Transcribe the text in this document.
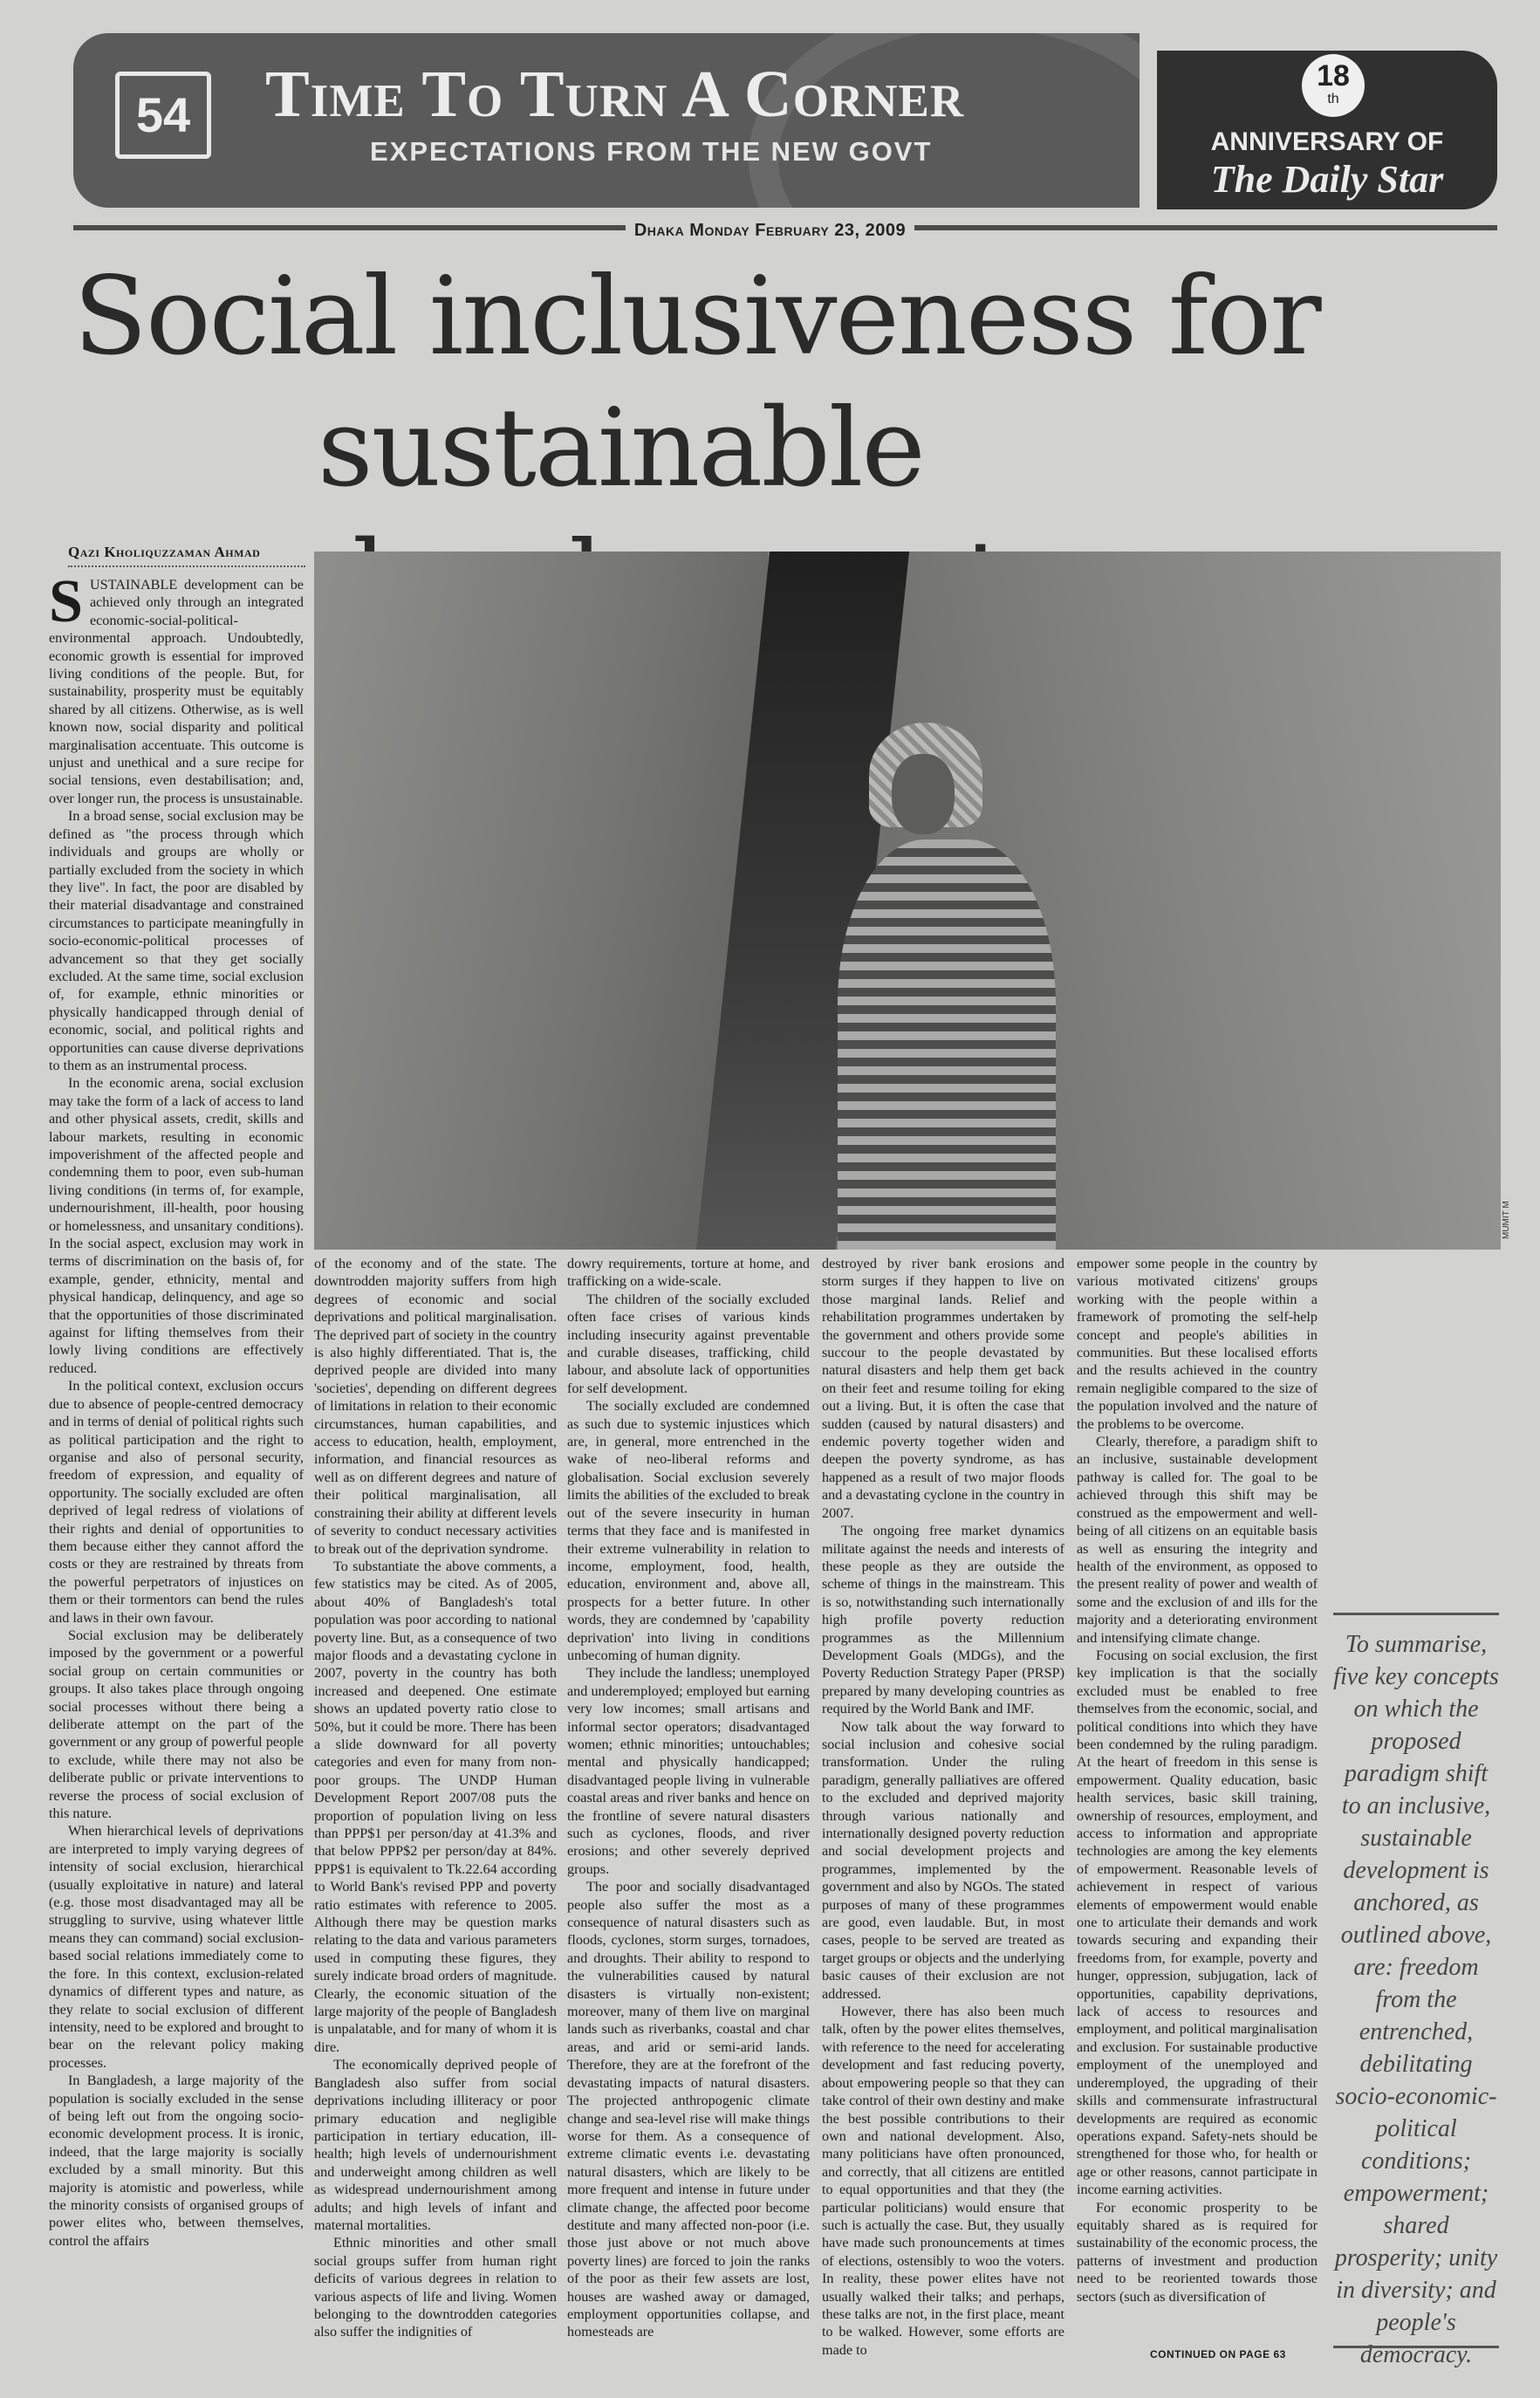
54	Time To Turn A Corner
EXPECTATIONS FROM THE NEW GOVT
18
th
ANNIVERSARY OF
The Daily Star
Dhaka Monday February 23, 2009
Social inclusiveness for
sustainable
Qazi Kholiquzzaman Ahmad
MUMIT M

SUSTAINABLE development can be achieved only through an integrated economic-social-political-environmental approach. Undoubtedly, economic growth is essential for improved living conditions of the people. But, for sustainability, prosperity must be equitably shared by all citizens. Otherwise, as is well known now, social disparity and political marginalisation accentuate. This outcome is unjust and unethical and a sure recipe for social tensions, even destabilisation; and, over longer run, the process is unsustainable.

In a broad sense, social exclusion may be defined as "the process through which individuals and groups are wholly or partially excluded from the society in which they live". In fact, the poor are disabled by their material disadvantage and constrained circumstances to participate meaningfully in socio-economic-political processes of advancement so that they get socially excluded. At the same time, social exclusion of, for example, ethnic minorities or physically handicapped through denial of economic, social, and political rights and opportunities can cause diverse deprivations to them as an instrumental process.

In the economic arena, social exclusion may take the form of a lack of access to land and other physical assets, credit, skills and labour markets, resulting in economic impoverishment of the affected people and condemning them to poor, even sub-human living conditions (in terms of, for example, undernourishment, ill-health, poor housing or homelessness, and unsanitary conditions). In the social aspect, exclusion may work in terms of discrimination on the basis of, for example, gender, ethnicity, mental and physical handicap, delinquency, and age so that the opportunities of those discriminated against for lifting themselves from their lowly living conditions are effectively reduced.

In the political context, exclusion occurs due to absence of people-centred democracy and in terms of denial of political rights such as political participation and the right to organise and also of personal security, freedom of expression, and equality of opportunity. The socially excluded are often deprived of legal redress of violations of their rights and denial of opportunities to them because either they cannot afford the costs or they are restrained by threats from the powerful perpetrators of injustices on them or their tormentors can bend the rules and laws in their own favour.

Social exclusion may be deliberately imposed by the government or a powerful social group on certain communities or groups. It also takes place through ongoing social processes without there being a deliberate attempt on the part of the government or any group of powerful people to exclude, while there may not also be deliberate public or private interventions to reverse the process of social exclusion of this nature.

When hierarchical levels of deprivations are interpreted to imply varying degrees of intensity of social exclusion, hierarchical (usually exploitative in nature) and lateral (e.g. those most disadvantaged may all be struggling to survive, using whatever little means they can command) social exclusion-based social relations immediately come to the fore. In this context, exclusion-related dynamics of different types and nature, as they relate to social exclusion of different intensity, need to be explored and brought to bear on the relevant policy making processes.

In Bangladesh, a large majority of the population is socially excluded in the sense of being left out from the ongoing socio-economic development process. It is ironic, indeed, that the large majority is socially excluded by a small minority. But this majority is atomistic and powerless, while the minority consists of organised groups of power elites who, between themselves, control the affairs

of the economy and of the state. The downtrodden majority suffers from high degrees of economic and social deprivations and political marginalisation. The deprived part of society in the country is also highly differentiated. That is, the deprived people are divided into many 'societies', depending on different degrees of limitations in relation to their economic circumstances, human capabilities, and access to education, health, employment, information, and financial resources as well as on different degrees and nature of their political marginalisation, all constraining their ability at different levels of severity to conduct necessary activities to break out of the deprivation syndrome.

To substantiate the above comments, a few statistics may be cited. As of 2005, about 40% of Bangladesh's total population was poor according to national poverty line. But, as a consequence of two major floods and a devastating cyclone in 2007, poverty in the country has both increased and deepened. One estimate shows an updated poverty ratio close to 50%, but it could be more. There has been a slide downward for all poverty categories and even for many from non-poor groups. The UNDP Human Development Report 2007/08 puts the proportion of population living on less than PPP$1 per person/day at 41.3% and that below PPP$2 per person/day at 84%. PPP$1 is equivalent to Tk.22.64 according to World Bank's revised PPP and poverty ratio estimates with reference to 2005. Although there may be question marks relating to the data and various parameters used in computing these figures, they surely indicate broad orders of magnitude. Clearly, the economic situation of the large majority of the people of Bangladesh is unpalatable, and for many of whom it is dire.

The economically deprived people of Bangladesh also suffer from social deprivations including illiteracy or poor primary education and negligible participation in tertiary education, ill-health; high levels of undernourishment and underweight among children as well as widespread undernourishment among adults; and high levels of infant and maternal mortalities.

Ethnic minorities and other small social groups suffer from human right deficits of various degrees in relation to various aspects of life and living. Women belonging to the downtrodden categories also suffer the indignities of

dowry requirements, torture at home, and trafficking on a wide-scale.

The children of the socially excluded often face crises of various kinds including insecurity against preventable and curable diseases, trafficking, child labour, and absolute lack of opportunities for self development.

The socially excluded are condemned as such due to systemic injustices which are, in general, more entrenched in the wake of neo-liberal reforms and globalisation. Social exclusion severely limits the abilities of the excluded to break out of the severe insecurity in human terms that they face and is manifested in their extreme vulnerability in relation to income, employment, food, health, education, environment and, above all, prospects for a better future. In other words, they are condemned by 'capability deprivation' into living in conditions unbecoming of human dignity.

They include the landless; unemployed and underemployed; employed but earning very low incomes; small artisans and informal sector operators; disadvantaged women; ethnic minorities; untouchables; mental and physically handicapped; disadvantaged people living in vulnerable coastal areas and river banks and hence on the frontline of severe natural disasters such as cyclones, floods, and river erosions; and other severely deprived groups.

The poor and socially disadvantaged people also suffer the most as a consequence of natural disasters such as floods, cyclones, storm surges, tornadoes, and droughts. Their ability to respond to the vulnerabilities caused by natural disasters is virtually non-existent; moreover, many of them live on marginal lands such as riverbanks, coastal and char areas, and arid or semi-arid lands. Therefore, they are at the forefront of the devastating impacts of natural disasters. The projected anthropogenic climate change and sea-level rise will make things worse for them. As a consequence of extreme climatic events i.e. devastating natural disasters, which are likely to be more frequent and intense in future under climate change, the affected poor become destitute and many affected non-poor (i.e. those just above or not much above poverty lines) are forced to join the ranks of the poor as their few assets are lost, houses are washed away or damaged, employment opportunities collapse, and homesteads are

destroyed by river bank erosions and storm surges if they happen to live on those marginal lands. Relief and rehabilitation programmes undertaken by the government and others provide some succour to the people devastated by natural disasters and help them get back on their feet and resume toiling for eking out a living. But, it is often the case that sudden (caused by natural disasters) and endemic poverty together widen and deepen the poverty syndrome, as has happened as a result of two major floods and a devastating cyclone in the country in 2007.

The ongoing free market dynamics militate against the needs and interests of these people as they are outside the scheme of things in the mainstream. This is so, notwithstanding such internationally high profile poverty reduction programmes as the Millennium Development Goals (MDGs), and the Poverty Reduction Strategy Paper (PRSP) prepared by many developing countries as required by the World Bank and IMF.

Now talk about the way forward to social inclusion and cohesive social transformation. Under the ruling paradigm, generally palliatives are offered to the excluded and deprived majority through various nationally and internationally designed poverty reduction and social development projects and programmes, implemented by the government and also by NGOs. The stated purposes of many of these programmes are good, even laudable. But, in most cases, people to be served are treated as target groups or objects and the underlying basic causes of their exclusion are not addressed.

However, there has also been much talk, often by the power elites themselves, with reference to the need for accelerating development and fast reducing poverty, about empowering people so that they can take control of their own destiny and make the best possible contributions to their own and national development. Also, many politicians have often pronounced, and correctly, that all citizens are entitled to equal opportunities and that they (the particular politicians) would ensure that such is actually the case. But, they usually have made such pronouncements at times of elections, ostensibly to woo the voters. In reality, these power elites have not usually walked their talks; and perhaps, these talks are not, in the first place, meant to be walked. However, some efforts are made to

empower some people in the country by various motivated citizens' groups working with the people within a framework of promoting the self-help concept and people's abilities in communities. But these localised efforts and the results achieved in the country remain negligible compared to the size of the population involved and the nature of the problems to be overcome.

Clearly, therefore, a paradigm shift to an inclusive, sustainable development pathway is called for. The goal to be achieved through this shift may be construed as the empowerment and well-being of all citizens on an equitable basis as well as ensuring the integrity and health of the environment, as opposed to the present reality of power and wealth of some and the exclusion of and ills for the majority and a deteriorating environment and intensifying climate change.

Focusing on social exclusion, the first key implication is that the socially excluded must be enabled to free themselves from the economic, social, and political conditions into which they have been condemned by the ruling paradigm. At the heart of freedom in this sense is empowerment. Quality education, basic health services, basic skill training, ownership of resources, employment, and access to information and appropriate technologies are among the key elements of empowerment. Reasonable levels of achievement in respect of various elements of empowerment would enable one to articulate their demands and work towards securing and expanding their freedoms from, for example, poverty and hunger, oppression, subjugation, lack of opportunities, capability deprivations, lack of access to resources and employment, and political marginalisation and exclusion. For sustainable productive employment of the unemployed and underemployed, the upgrading of their skills and commensurate infrastructural developments are required as economic operations expand. Safety-nets should be strengthened for those who, for health or age or other reasons, cannot participate in income earning activities.

For economic prosperity to be equitably shared as is required for sustainability of the economic process, the patterns of investment and production need to be reoriented towards those sectors (such as diversification of

To summarise, five key concepts on which the proposed paradigm shift to an inclusive, sustainable development is anchored, as outlined above, are: freedom from the entrenched, debilitating socio-economic-political conditions; empowerment; shared prosperity; unity in diversity; and people's democracy.

CONTINUED ON PAGE 63
